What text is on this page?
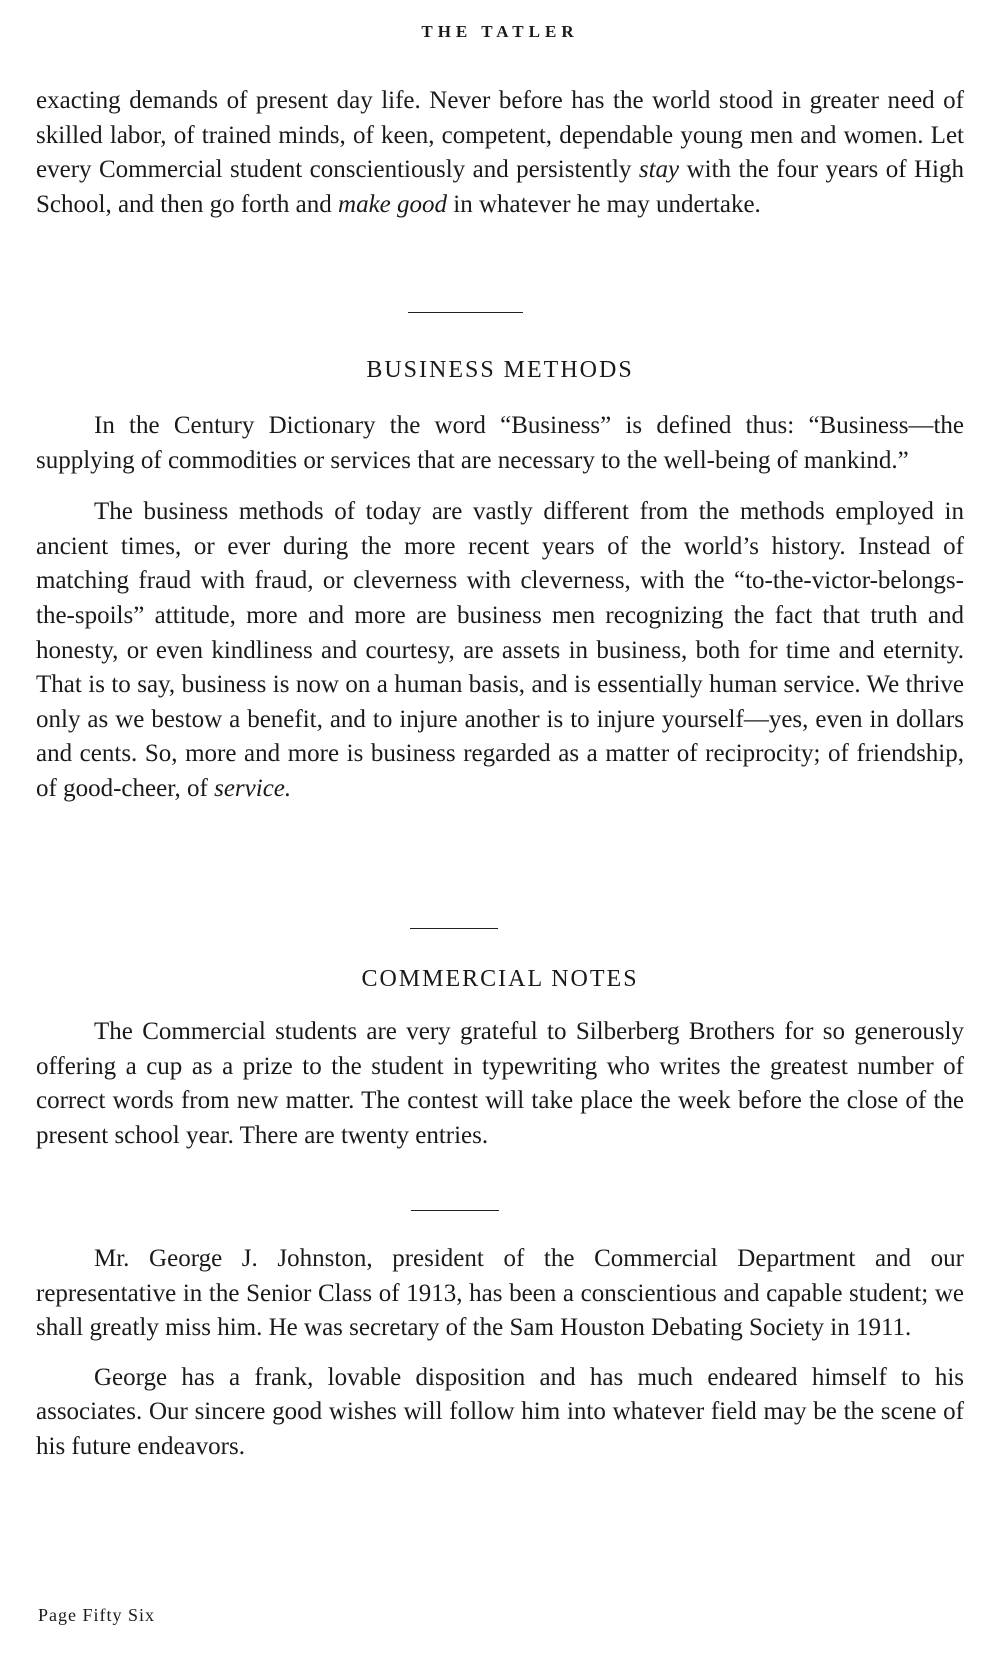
THE TATLER

exacting demands of present day life. Never before has the world stood in greater need of skilled labor, of trained minds, of keen, competent, dependable young men and women. Let every Commercial student conscientiously and persistently stay with the four years of High School, and then go forth and make good in whatever he may undertake.

BUSINESS METHODS

In the Century Dictionary the word “Business” is defined thus: “Business—the supplying of commodities or services that are necessary to the well-being of mankind.”

The business methods of today are vastly different from the methods employed in ancient times, or ever during the more recent years of the world’s history. Instead of matching fraud with fraud, or cleverness with cleverness, with the “to-the-victor-belongs-the-spoils” attitude, more and more are business men recognizing the fact that truth and honesty, or even kindliness and courtesy, are assets in business, both for time and eternity. That is to say, business is now on a human basis, and is essentially human service. We thrive only as we bestow a benefit, and to injure another is to injure yourself—yes, even in dollars and cents. So, more and more is business regarded as a matter of reciprocity; of friendship, of good-cheer, of service.

COMMERCIAL NOTES

The Commercial students are very grateful to Silberberg Brothers for so generously offering a cup as a prize to the student in typewriting who writes the greatest number of correct words from new matter. The contest will take place the week before the close of the present school year. There are twenty entries.

Mr. George J. Johnston, president of the Commercial Department and our representative in the Senior Class of 1913, has been a conscientious and capable student; we shall greatly miss him. He was secretary of the Sam Houston Debating Society in 1911.

George has a frank, lovable disposition and has much endeared himself to his associates. Our sincere good wishes will follow him into whatever field may be the scene of his future endeavors.

Page Fifty Six
